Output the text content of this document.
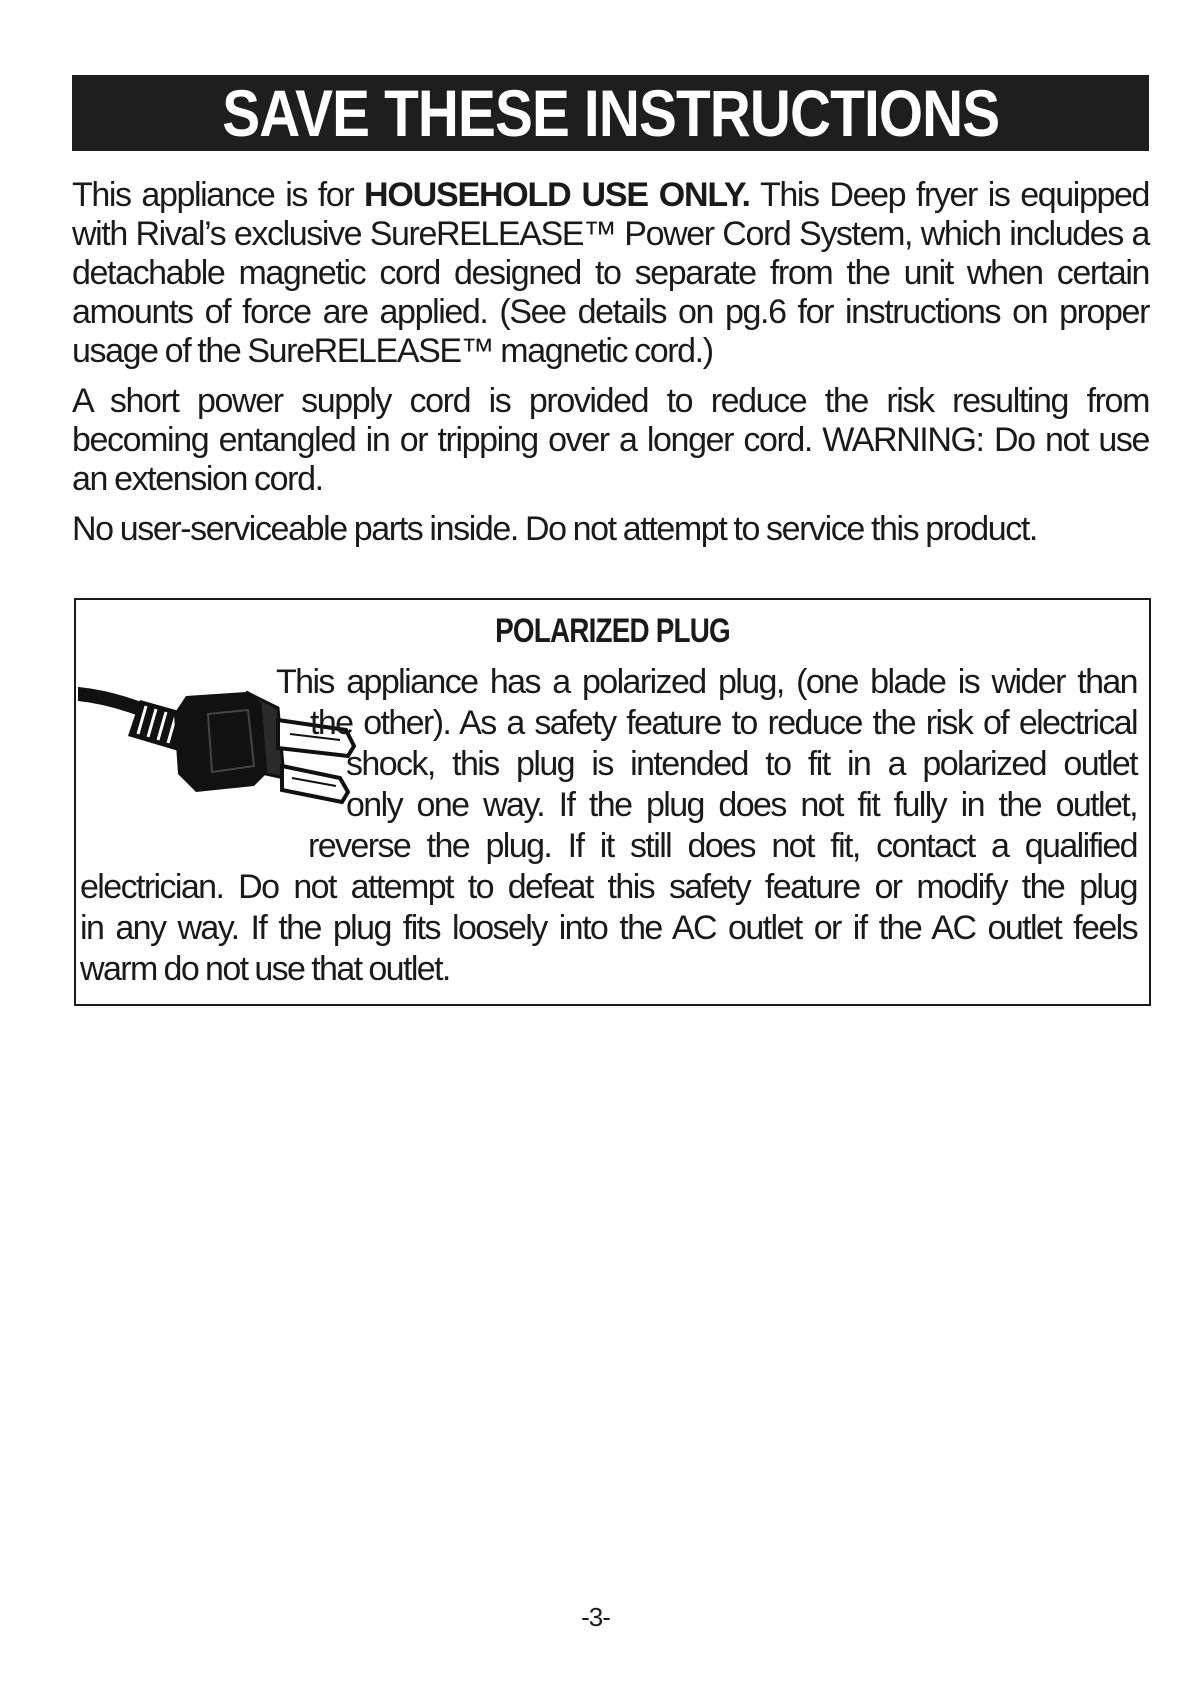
SAVE THESE INSTRUCTIONS

This appliance is for HOUSEHOLD USE ONLY. This Deep fryer is equipped with Rival’s exclusive SureRELEASE™ Power Cord System, which includes a detachable magnetic cord designed to separate from the unit when certain amounts of force are applied. (See details on pg.6 for instructions on proper usage of the SureRELEASE™ magnetic cord.)

A short power supply cord is provided to reduce the risk resulting from becoming entangled in or tripping over a longer cord. WARNING: Do not use an extension cord.

No user-serviceable parts inside. Do not attempt to service this product.

POLARIZED PLUG
This appliance has a polarized plug, (one blade is wider than
the other). As a safety feature to reduce the risk of electrical
shock, this plug is intended to fit in a polarized outlet
only one way. If the plug does not fit fully in the outlet,
reverse the plug. If it still does not fit, contact a qualified
electrician. Do not attempt to defeat this safety feature or modify the plug
in any way. If the plug fits loosely into the AC outlet or if the AC outlet feels
warm do not use that outlet.
-3-
